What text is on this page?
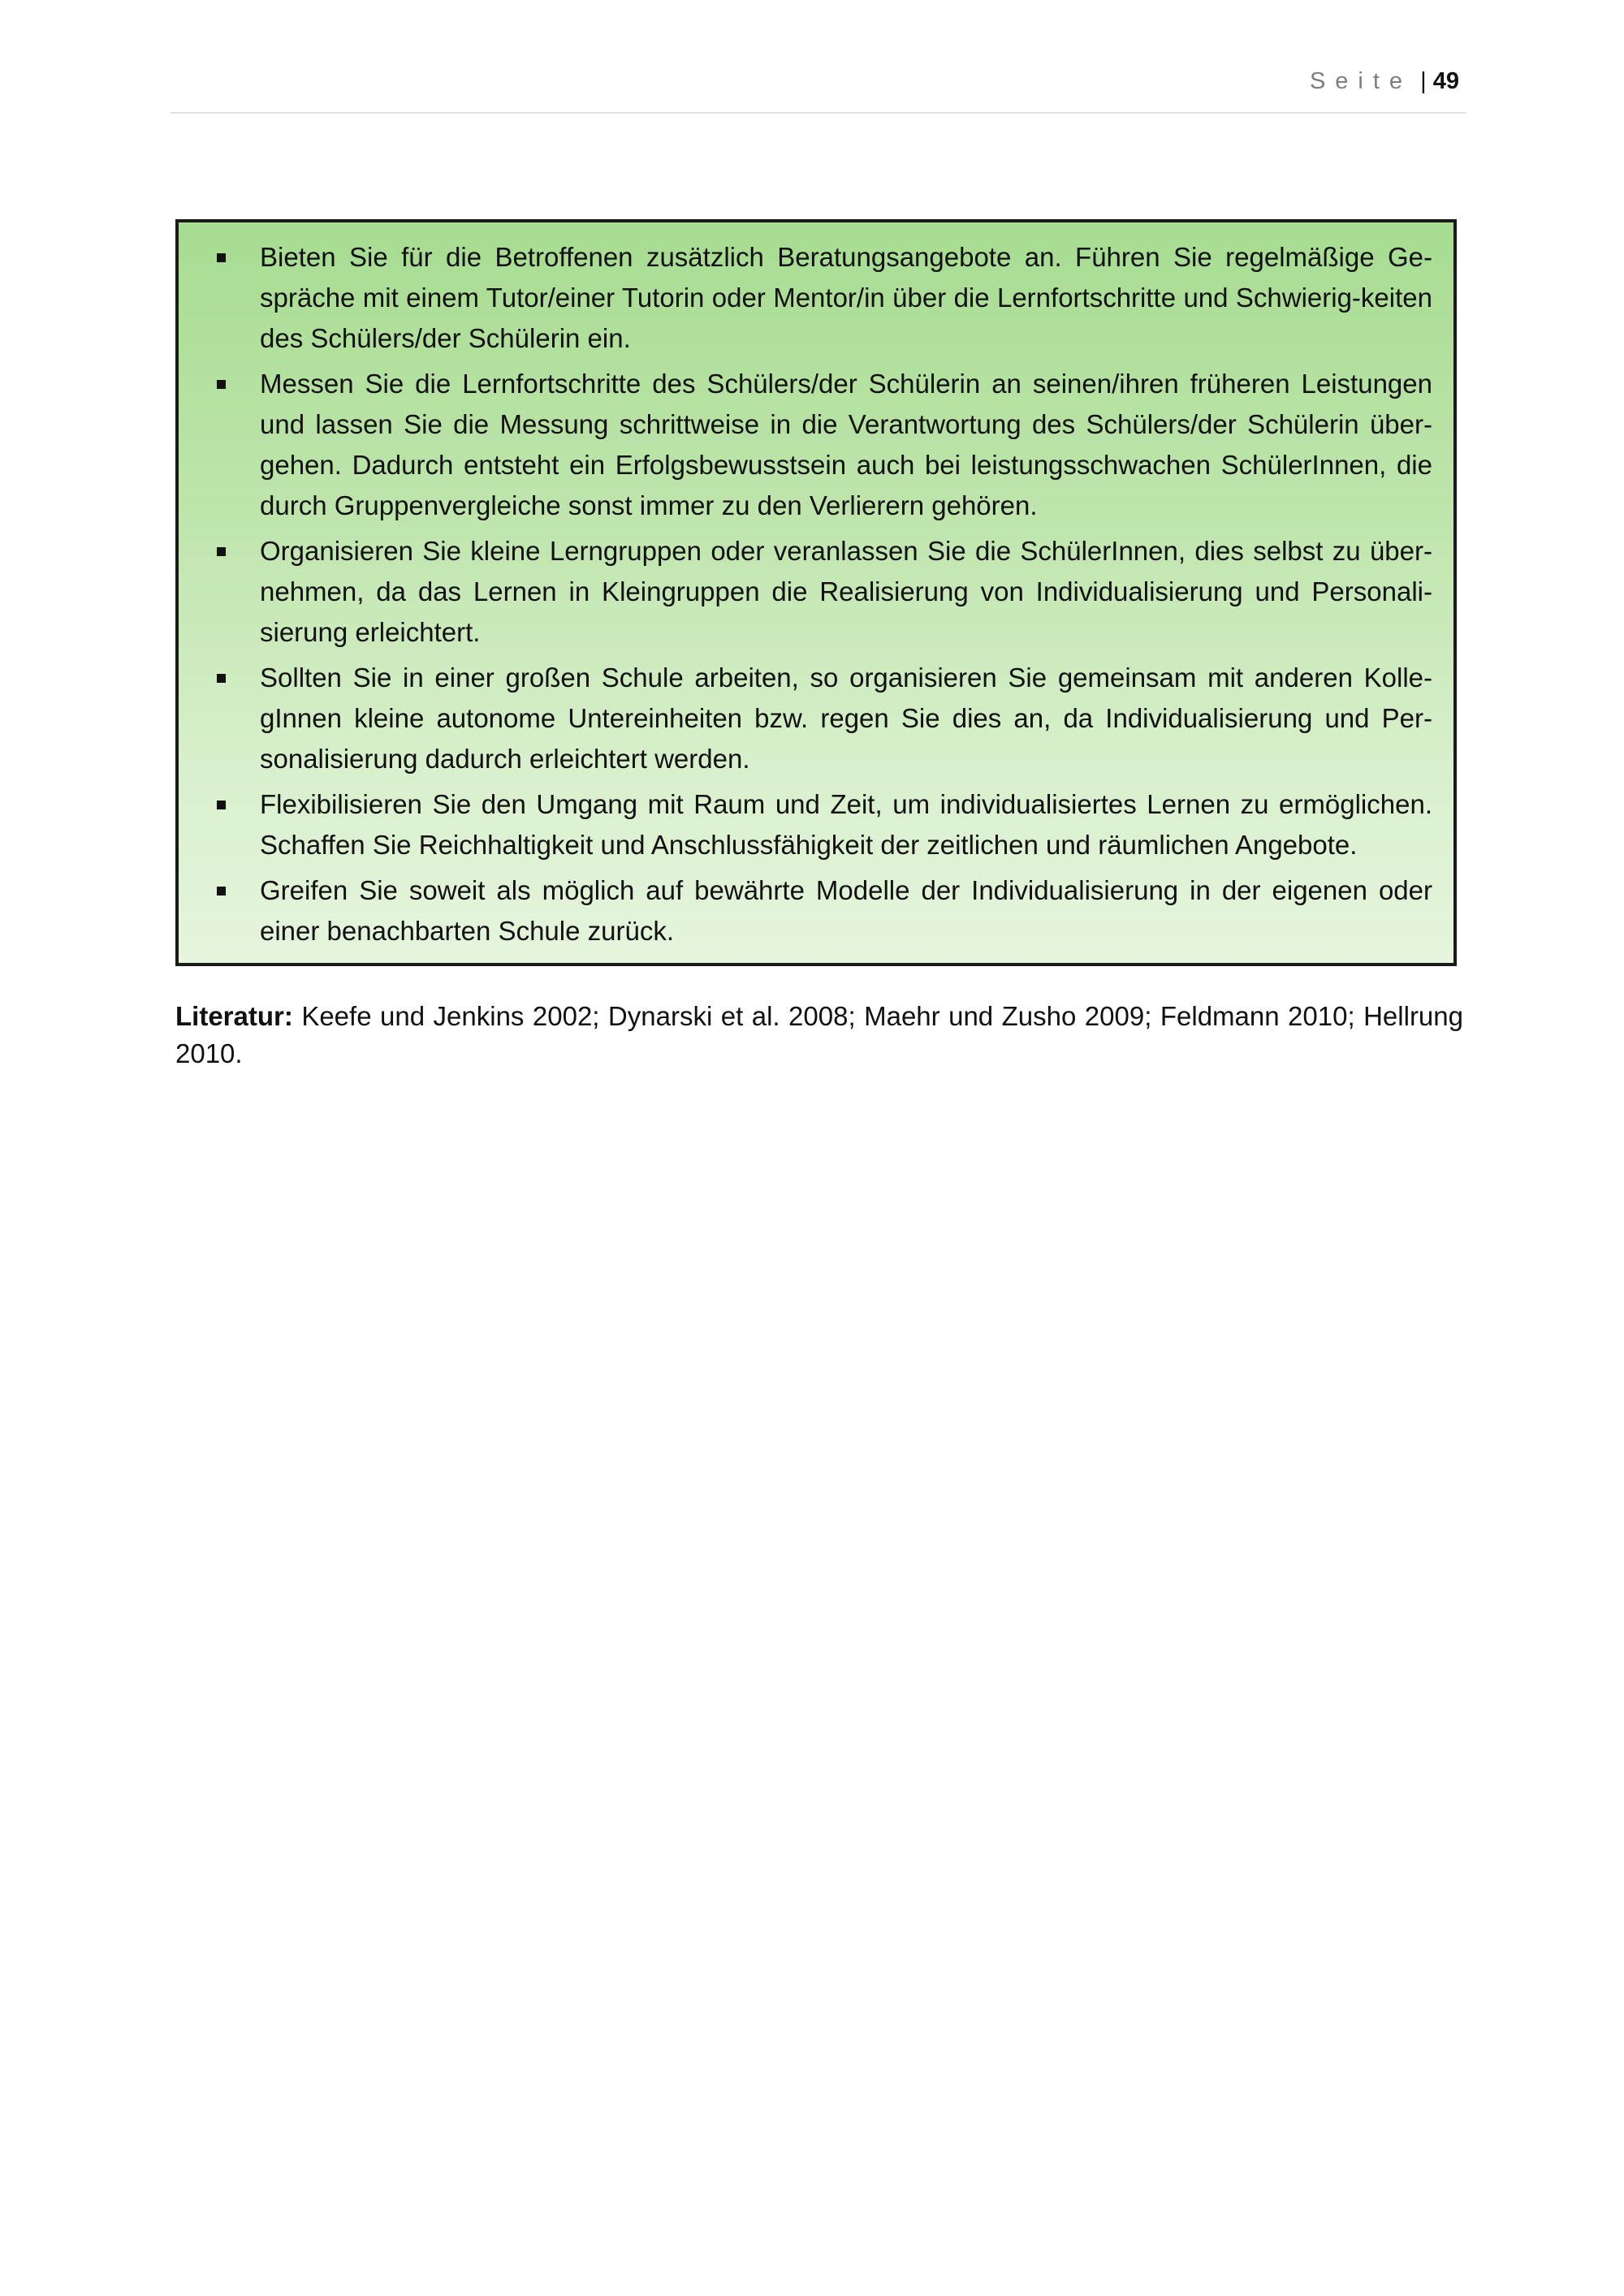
Seite | 49
Bieten Sie für die Betroffenen zusätzlich Beratungsangebote an. Führen Sie regelmäßige Ge-spräche mit einem Tutor/einer Tutorin oder Mentor/in über die Lernfortschritte und Schwierig-keiten des Schülers/der Schülerin ein.
Messen Sie die Lernfortschritte des Schülers/der Schülerin an seinen/ihren früheren Leistungen und lassen Sie die Messung schrittweise in die Verantwortung des Schülers/der Schülerin über-gehen. Dadurch entsteht ein Erfolgsbewusstsein auch bei leistungsschwachen SchülerInnen, die durch Gruppenvergleiche sonst immer zu den Verlierern gehören.
Organisieren Sie kleine Lerngruppen oder veranlassen Sie die SchülerInnen, dies selbst zu über-nehmen, da das Lernen in Kleingruppen die Realisierung von Individualisierung und Personali-sierung erleichtert.
Sollten Sie in einer großen Schule arbeiten, so organisieren Sie gemeinsam mit anderen Kolle-gInnen kleine autonome Untereinheiten bzw. regen Sie dies an, da Individualisierung und Per-sonalisierung dadurch erleichtert werden.
Flexibilisieren Sie den Umgang mit Raum und Zeit, um individualisiertes Lernen zu ermöglichen. Schaffen Sie Reichhaltigkeit und Anschlussfähigkeit der zeitlichen und räumlichen Angebote.
Greifen Sie soweit als möglich auf bewährte Modelle der Individualisierung in der eigenen oder einer benachbarten Schule zurück.

Literatur: Keefe und Jenkins 2002; Dynarski et al. 2008; Maehr und Zusho 2009; Feldmann 2010; Hellrung 2010.
